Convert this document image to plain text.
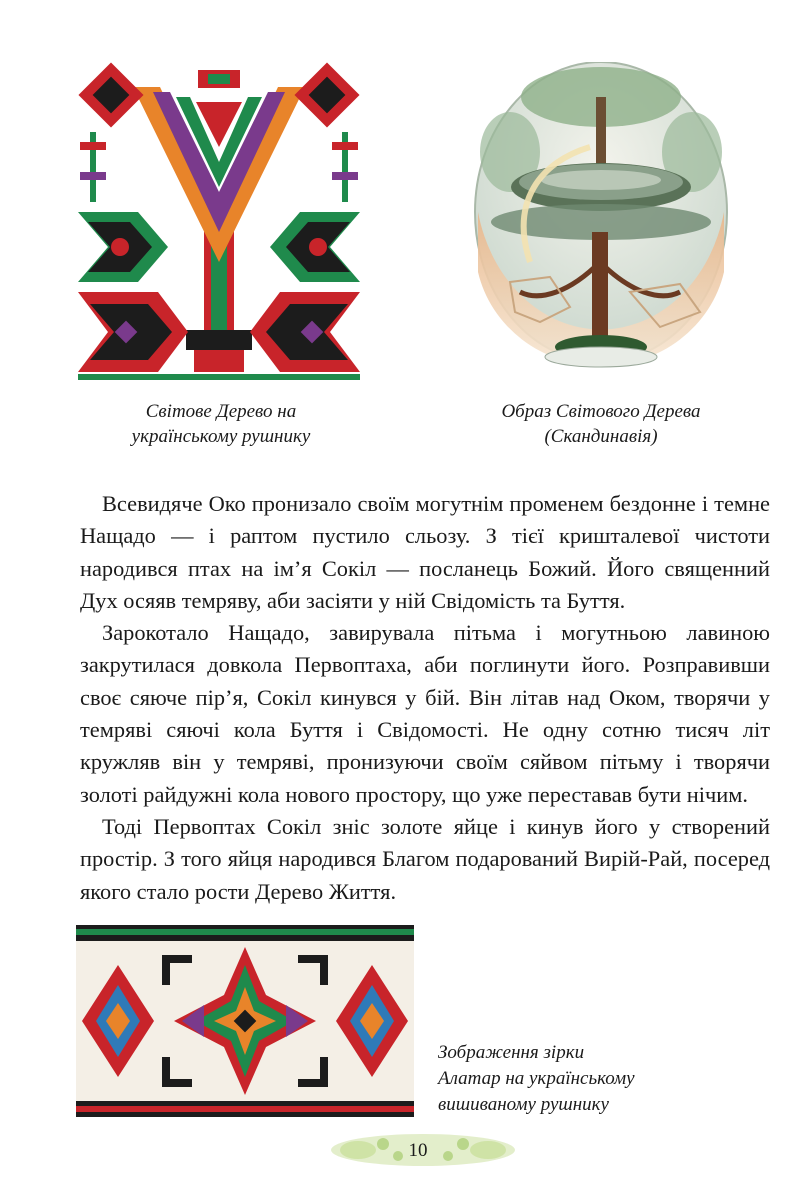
Світове Дерево на
українському рушнику
Образ Світового Дерева
(Скандинавія)

Всевидяче Око пронизало своїм могутнім променем бездонне і темне Нащадо — і раптом пустило сльозу. З тієї кришталевої чистоти народився птах на ім’я Сокіл — посланець Божий. Його священний Дух осяяв темряву, аби засіяти у ній Свідомість та Буття.

Зарокотало Нащадо, завирувала пітьма і могутньою лавиною закрутилася довкола Первоптаха, аби поглинути його. Розправивши своє сяюче пір’я, Сокіл кинувся у бій. Він літав над Оком, творячи у темряві сяючі кола Буття і Свідомості. Не одну сотню тисяч літ кружляв він у темряві, пронизуючи своїм сяйвом пітьму і творячи золоті райдужні кола нового простору, що уже переставав бути нічим.

Тоді Первоптах Сокіл зніс золоте яйце і кинув його у створений простір. З того яйця народився Благом подарований Вирій-Рай, посеред якого стало рости Дерево Життя.

Зображення зірки
Алатар на українському
вишиваному рушнику
10
